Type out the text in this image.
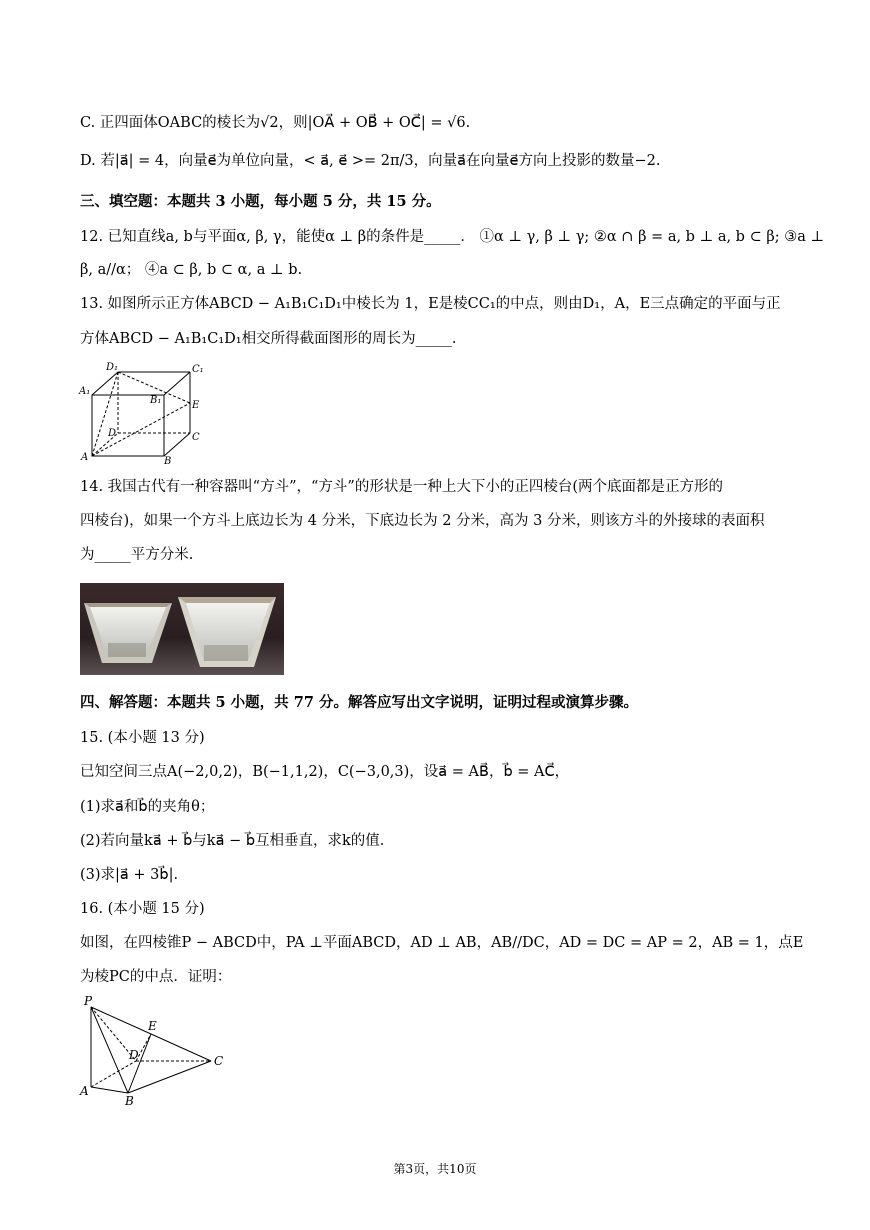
C. 正四面体OABC的棱长为√2，则|OA⃗ + OB⃗ + OC⃗| = √6.
D. 若|a⃗| = 4，向量e⃗为单位向量，< a⃗, e⃗ >= 2π/3，向量a⃗在向量e⃗方向上投影的数量−2.
三、填空题：本题共 3 小题，每小题 5 分，共 15 分。
12. 已知直线a, b与平面α, β, γ，能使α ⊥ β的条件是_____． ①α ⊥ γ, β ⊥ γ; ②α ∩ β = a, b ⊥ a, b ⊂ β; ③a ⊥
β, a//α； ④a ⊂ β, b ⊂ α, a ⊥ b.
13. 如图所示正方体ABCD − A₁B₁C₁D₁中棱长为 1，E是棱CC₁的中点，则由D₁，A，E三点确定的平面与正
方体ABCD − A₁B₁C₁D₁相交所得截面图形的周长为_____.
D₁	C₁
A₁
B₁	E
D	C
A	B
14. 我国古代有一种容器叫“方斗”，“方斗”的形状是一种上大下小的正四棱台(两个底面都是正方形的
四棱台)，如果一个方斗上底边长为 4 分米，下底边长为 2 分米，高为 3 分米，则该方斗的外接球的表面积
为_____平方分米.
四、解答题：本题共 5 小题，共 77 分。解答应写出文字说明，证明过程或演算步骤。
15. (本小题 13 分)
已知空间三点A(−2,0,2)，B(−1,1,2)，C(−3,0,3)，设a⃗ = AB⃗，b⃗ = AC⃗，
(1)求a⃗和b⃗的夹角θ；
(2)若向量ka⃗ + b⃗与ka⃗ − b⃗互相垂直，求k的值.
(3)求|a⃗ + 3b⃗|.
16. (本小题 15 分)
如图，在四棱锥P − ABCD中，PA ⊥平面ABCD，AD ⊥ AB，AB//DC，AD = DC = AP = 2，AB = 1，点E
为棱PC的中点．证明：
P
E
D	C
A
B
第3页，共10页
